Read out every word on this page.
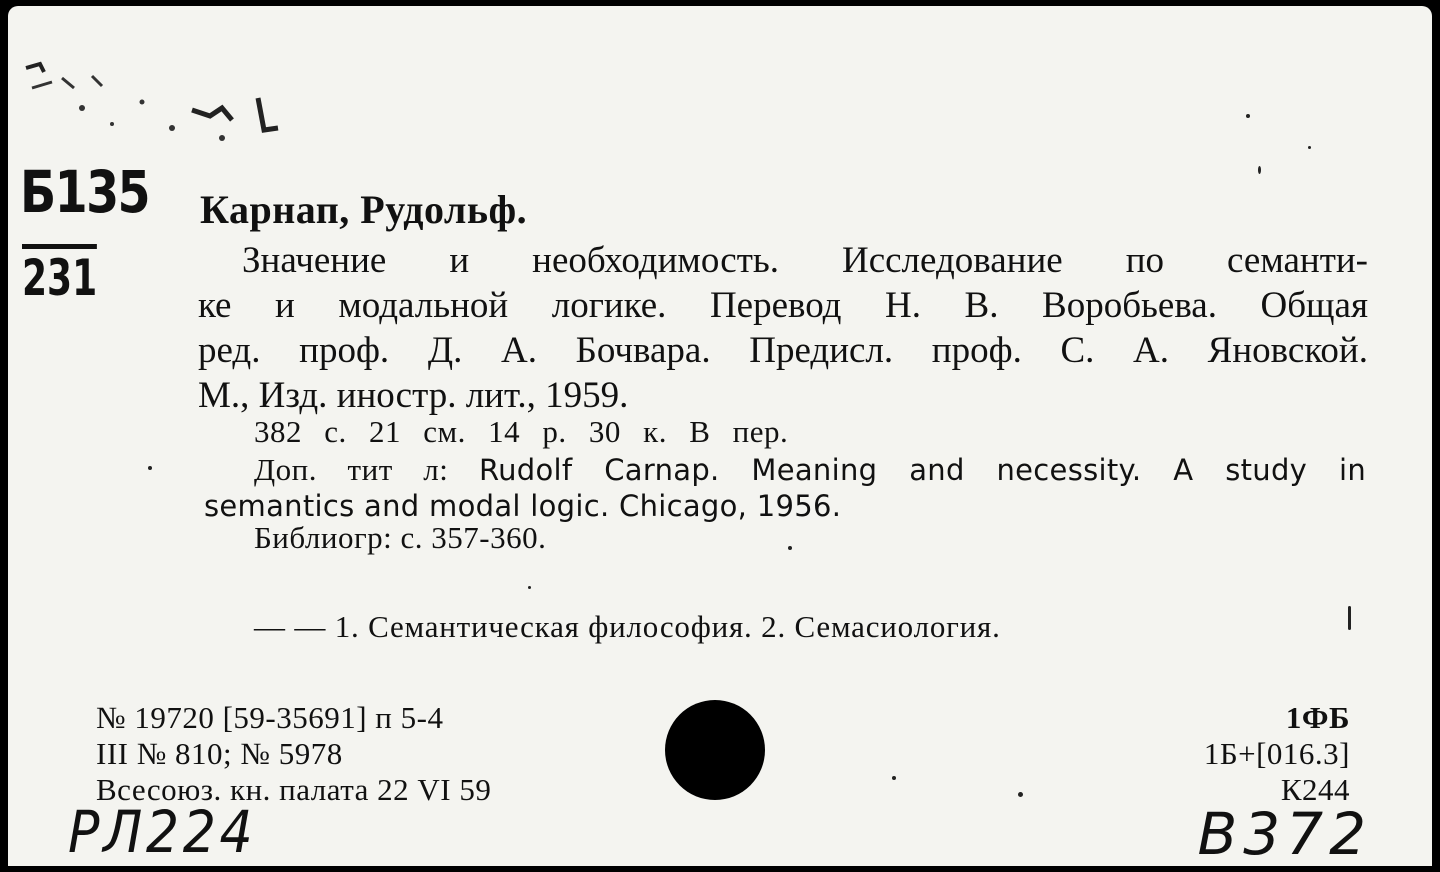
Б135
231
Карнап, Рудольф.
Значение и необходимость. Исследование по семанти-
ке и модальной логике. Перевод Н. В. Воробьева. Общая
ред. проф. Д. А. Бочвара. Предисл. проф. С. А. Яновской.
М., Изд. иностр. лит., 1959.
382 с. 21 см. 14 р. 30 к. В пер.
Доп. тит л: Rudolf Carnap. Meaning and necessity. A study in
semantics and modal logic. Chicago, 1956.
Библиогр: с. 357-360.
— — 1. Семантическая философия. 2. Семасиология.
№ 19720 [59-35691] п 5-4
III № 810; № 5978
Всесоюз. кн. палата 22 VI 59
1ФБ
1Б+[016.3]
К244
PЛ224	B372
